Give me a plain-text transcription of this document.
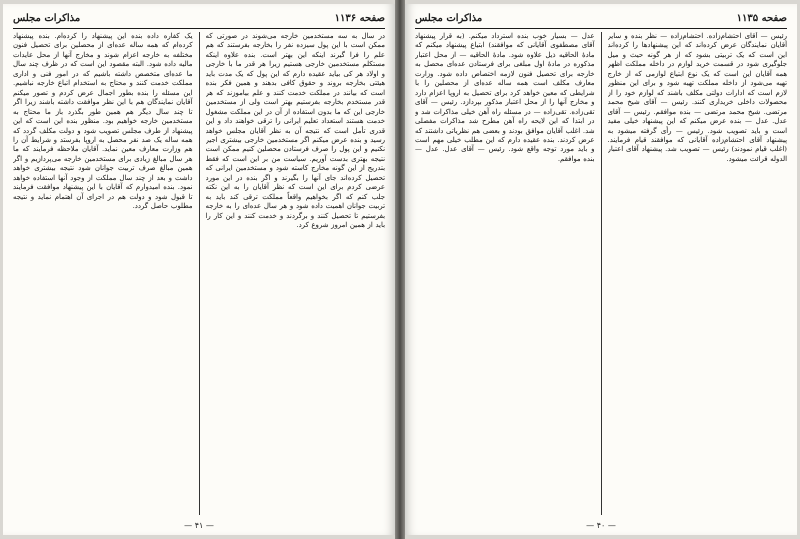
صفحه ۱۱۳۶
مذاکرات مجلس

در سال به سه مستخدمین خارجه می‌شوند در صورتی که ممکن است با این پول سیزده نفر را بخارجه بفرستند که هم علم را فرا گیرند اینکه این بهتر است. بنده علاوه اینکه مستکلم مستخدمین خارجی هستیم زیرا هر قدر ما با خارجی و اولاد هر کی بیاید عقیده دارم که این پول که یک مدت باید هیئتی بخارجه بروند و حقوق کافی بدهند و همین فکر بنده است که بیانند در مملکت خدمت کنند و علم بیاموزند که هر قدر مستخدم بخارجه بفرستیم بهتر است ولی از مستخدمین خارجی این که ما بدون استفاده از آن در این مملکت مشغول خدمت هستند استعداد تعلیم ایرانی را ترقی خواهند داد و این قدری تأمل است که نتیجه آن به نظر آقایان مجلس خواهد رسید و بنده عرض میکنم اگر مستخدمین خارجی بیشتری اجیر نکنیم و این پول را صرف فرستادن محصلین کنیم ممکن است نتیجه بهتری بدست آوریم. سیاست من بر این است که فقط بتدریج از این گونه مخارج کاسته شود و مستخدمین ایرانی که تحصیل کرده‌اند جای آنها را بگیرند و اگر بنده در این مورد عرضی کردم برای این است که نظر آقایان را به این نکته جلب کنم که اگر بخواهیم واقعاً مملکت ترقی کند باید به تربیت جوانان اهمیت داده شود و هر سال عده‌ای را به خارجه بفرستیم تا تحصیل کنند و برگردند و خدمت کنند و این کار را باید از همین امروز شروع کرد.

یک کفاره داده بنده این پیشنهاد را کرده‌ام. بنده پیشنهاد کرده‌ام که همه ساله عده‌ای از محصلین برای تحصیل فنون مختلفه به خارجه اعزام شوند و مخارج آنها از محل عایدات مالیه داده شود. البته مقصود این است که در ظرف چند سال ما عده‌ای متخصص داشته باشیم که در امور فنی و اداری مملکت خدمت کنند و محتاج به استخدام اتباع خارجه نباشیم. این مسئله را بنده بطور اجمال عرض کردم و تصور میکنم آقایان نمایندگان هم با این نظر موافقت داشته باشند زیرا اگر تا چند سال دیگر هم همین طور بگذرد باز ما محتاج به مستخدمین خارجه خواهیم بود. منظور بنده این است که این پیشنهاد از طرف مجلس تصویب شود و دولت مکلف گردد که همه ساله یک صد نفر محصل به اروپا بفرستد و شرایط آن را هم وزارت معارف معین نماید. آقایان ملاحظه فرمایند که ما هر سال مبالغ زیادی برای مستخدمین خارجه می‌پردازیم و اگر همین مبالغ صرف تربیت جوانان شود نتیجه بیشتری خواهد داشت و بعد از چند سال مملکت از وجود آنها استفاده خواهد نمود. بنده امیدوارم که آقایان با این پیشنهاد موافقت فرمایند تا قبول شود و دولت هم در اجرای آن اهتمام نماید و نتیجه مطلوب حاصل گردد.

— ۴۱ —
صفحه ۱۱۳۵
مذاکرات مجلس

رئیس — آقای احتشام‌زاده. احتشام‌زاده — نظر بنده و سایر آقایان نمایندگان عرض کرده‌اند که این پیشنهادها را کرده‌اند این است که یک تربیتی بشود که از هر گونه حیث و میل جلوگیری شود در قسمت خرید لوازم در داخله مملکت اظهر همه آقایان این است که یک نوع ابتیاع لوازمی که از خارج تهیه می‌شود از داخله مملکت تهیه شود و برای این منظور لازم است که ادارات دولتی مکلف باشند که لوازم خود را از محصولات داخلی خریداری کنند. رئیس — آقای شیخ محمد مرتضی. شیخ محمد مرتضی — بنده موافقم. رئیس — آقای عدل. عدل — بنده عرض میکنم که این پیشنهاد خیلی مفید است و باید تصویب شود. رئیس — رأی گرفته میشود به پیشنهاد آقای احتشام‌زاده آقایانی که موافقند قیام فرمایند. (اغلب قیام نمودند) رئیس — تصویب شد. پیشنهاد آقای اعتبار الدوله قرائت میشود.

عدل — بسیار خوب بنده استرداد میکنم. (به قرار پیشنهاد آقای مصطفوی آقایانی که موافقند) ابتیاع پیشنهاد میکنم که مادهٔ الحاقیه ذیل علاوه شود. مادهٔ الحاقیه — از محل اعتبار مذکوره در مادهٔ اول مبلغی برای فرستادن عده‌ای محصل به خارجه برای تحصیل فنون لازمه اختصاص داده شود. وزارت معارف مکلف است همه ساله عده‌ای از محصلین را با شرایطی که معین خواهد کرد برای تحصیل به اروپا اعزام دارد و مخارج آنها را از محل اعتبار مذکور بپردازد. رئیس — آقای تقی‌زاده. تقی‌زاده — در مسئله راه آهن خیلی مذاکرات شد و در ابتدا که این لایحه راه آهن مطرح شد مذاکرات مفصلی شد. اغلب آقایان موافق بودند و بعضی هم نظریاتی داشتند که عرض کردند. بنده عقیده دارم که این مطلب خیلی مهم است و باید مورد توجه واقع شود. رئیس — آقای عدل. عدل — بنده موافقم.

— ۴۰ —
